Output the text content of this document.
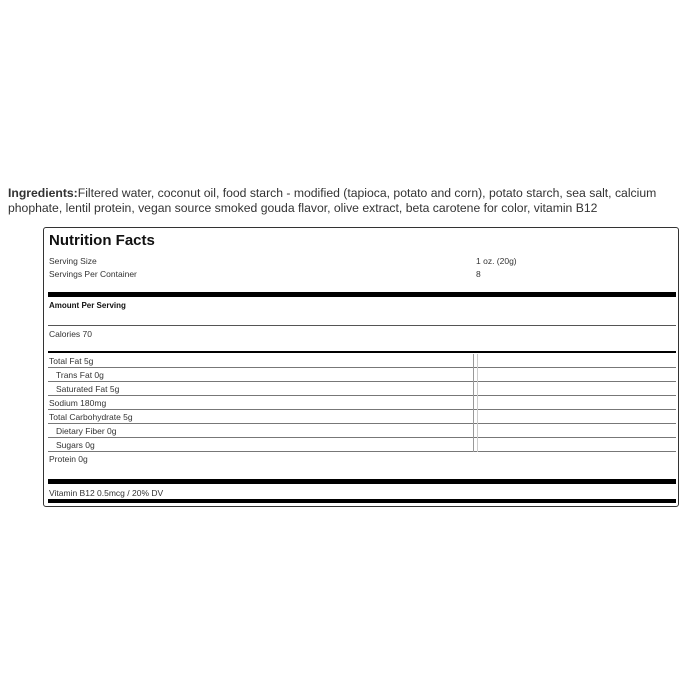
Ingredients:Filtered water, coconut oil, food starch - modified (tapioca, potato and corn), potato starch, sea salt, calcium phophate, lentil protein, vegan source smoked gouda flavor, olive extract, beta carotene for color, vitamin B12
Nutrition Facts
Serving Size	1 oz. (20g)
Servings Per Container	8
Amount Per Serving
Calories 70
Total Fat 5g
Trans Fat 0g
Saturated Fat 5g
Sodium 180mg
Total Carbohydrate 5g
Dietary Fiber 0g
Sugars 0g
Protein 0g
Vitamin B12 0.5mcg / 20% DV
